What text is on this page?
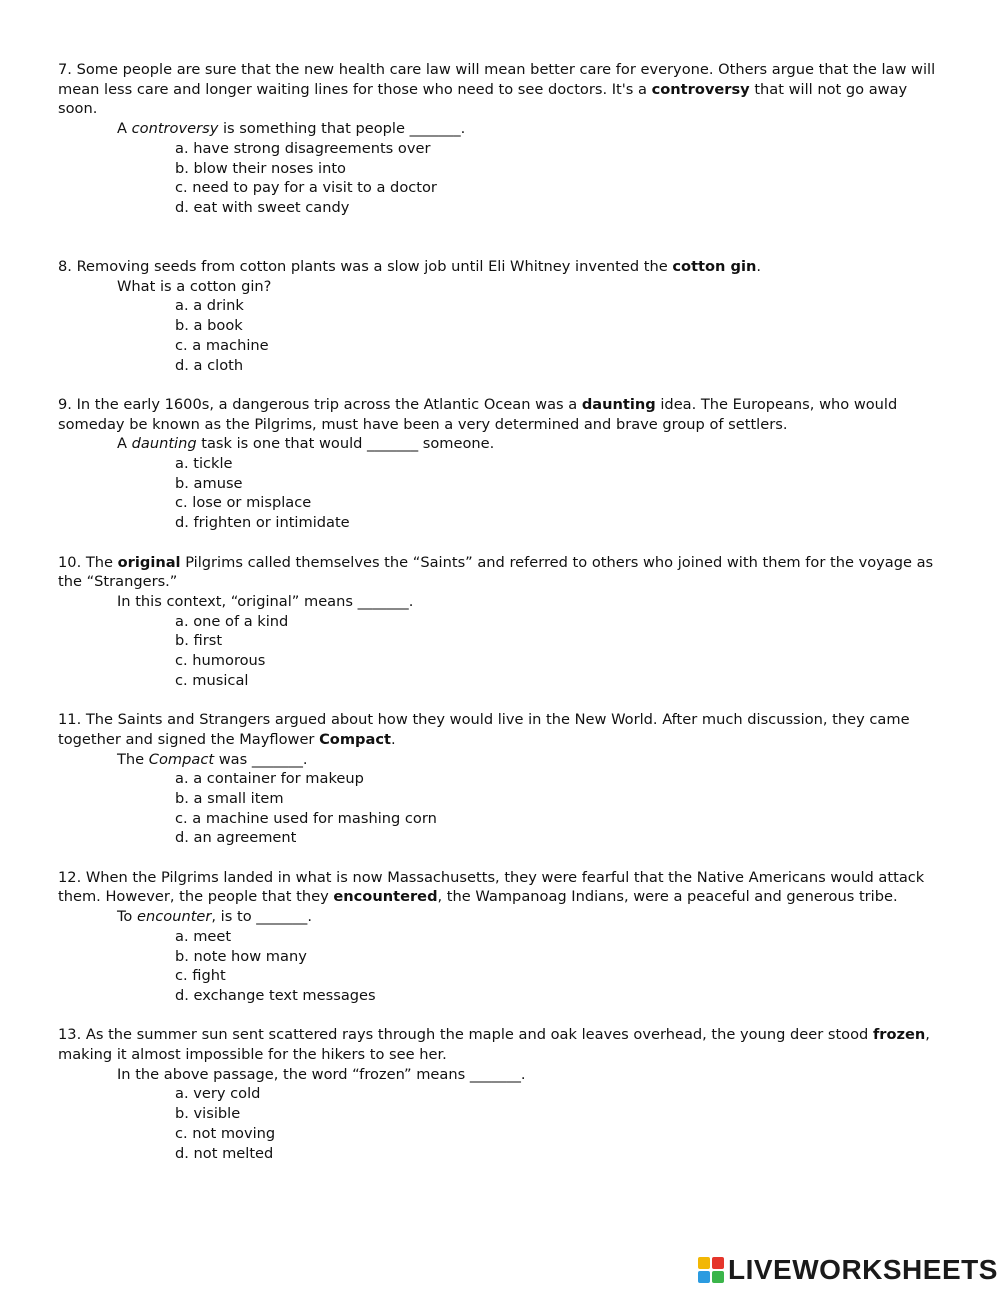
7. Some people are sure that the new health care law will mean better care for everyone. Others argue that the law will mean less care and longer waiting lines for those who need to see doctors. It's a controversy that will not go away soon.

A controversy is something that people _______.

a. have strong disagreements over
b. blow their noses into
c. need to pay for a visit to a doctor
d. eat with sweet candy

8. Removing seeds from cotton plants was a slow job until Eli Whitney invented the cotton gin.

What is a cotton gin?

a. a drink
b. a book
c. a machine
d. a cloth

9. In the early 1600s, a dangerous trip across the Atlantic Ocean was a daunting idea. The Europeans, who would someday be known as the Pilgrims, must have been a very determined and brave group of settlers.

A daunting task is one that would _______ someone.

a. tickle
b. amuse
c. lose or misplace
d. frighten or intimidate

10. The original Pilgrims called themselves the “Saints” and referred to others who joined with them for the voyage as the “Strangers.”

In this context, “original” means _______.

a. one of a kind
b. first
c. humorous
c. musical

11. The Saints and Strangers argued about how they would live in the New World. After much discussion, they came together and signed the Mayflower Compact.

The Compact was _______.

a. a container for makeup
b. a small item
c. a machine used for mashing corn
d. an agreement

12. When the Pilgrims landed in what is now Massachusetts, they were fearful that the Native Americans would attack them. However, the people that they encountered, the Wampanoag Indians, were a peaceful and generous tribe.

To encounter, is to _______.

a. meet
b. note how many
c. fight
d. exchange text messages

13. As the summer sun sent scattered rays through the maple and oak leaves overhead, the young deer stood frozen, making it almost impossible for the hikers to see her.

In the above passage, the word “frozen” means _______.

a. very cold
b. visible
c. not moving
d. not melted
LIVEWORKSHEETS
